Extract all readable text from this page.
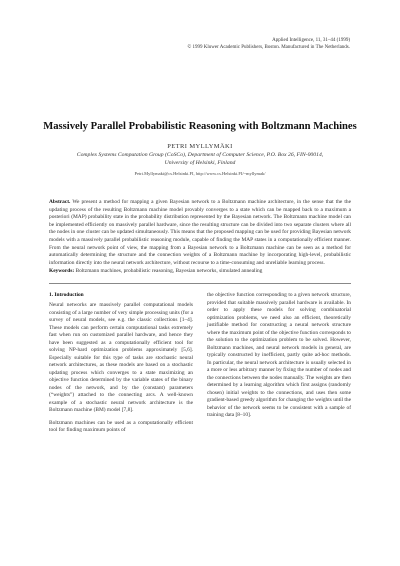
Applied Intelligence, 11, 31–44 (1999)
© 1999 Kluwer Academic Publishers, Boston. Manufactured in The Netherlands.
Massively Parallel Probabilistic Reasoning with Boltzmann Machines
PETRI MYLLYMÄKI
Complex Systems Computation Group (CoSCo), Department of Computer Science, P.O. Box 26, FIN-00014,
University of Helsinki, Finland
Petri.Myllymaki@cs.Helsinki.FI, http://www.cs.Helsinki.FI/~myllymak/
Abstract. We present a method for mapping a given Bayesian network to a Boltzmann machine architecture, in the sense that the the updating process of the resulting Boltzmann machine model provably converges to a state which can be mapped back to a maximum a posteriori (MAP) probability state in the probability distribution represented by the Bayesian network. The Boltzmann machine model can be implemented efficiently on massively parallel hardware, since the resulting structure can be divided into two separate clusters where all the nodes in one cluster can be updated simultaneously. This means that the proposed mapping can be used for providing Bayesian network models with a massively parallel probabilistic reasoning module, capable of finding the MAP states in a computationally efficient manner. From the neural network point of view, the mapping from a Bayesian network to a Boltzmann machine can be seen as a method for automatically determining the structure and the connection weights of a Boltzmann machine by incorporating high-level, probabilistic information directly into the neural network architecture, without recourse to a time-consuming and unreliable learning process.
Keywords: Boltzmann machines, probabilistic reasoning, Bayesian networks, simulated annealing
1. Introduction

Neural networks are massively parallel computational models consisting of a large number of very simple processing units (for a survey of neural models, see e.g. the classic collections [1–4]. These models can perform certain computational tasks extremely fast when run on customized parallel hardware, and hence they have been suggested as a computationally efficient tool for solving NP-hard optimization problems approximately [5,6]. Especially suitable for this type of tasks are stochastic neural network architectures, as these models are based on a stochastic updating process which converges to a state maximizing an objective function determined by the variable states of the binary nodes of the network, and by the (constant) parameters (“weights”) attached to the connecting arcs. A well-known example of a stochastic neural network architecture is the Boltzmann machine (BM) model [7,8].

Boltzmann machines can be used as a computationally efficient tool for finding maximum points of

the objective function corresponding to a given network structure, provided that suitable massively parallel hardware is available. In order to apply these models for solving combinatorial optimization problems, we need also an efficient, theoretically justifiable method for constructing a neural network structure where the maximum point of the objective function corresponds to the solution to the optimization problem to be solved. However, Boltzmann machines, and neural network models in general, are typically constructed by inefficient, partly quite ad-hoc methods. In particular, the neural network architecture is usually selected in a more or less arbitrary manner by fixing the number of nodes and the connections between the nodes manually. The weights are then determined by a learning algorithm which first assigns (randomly chosen) initial weights to the connections, and uses then some gradient-based greedy algorithm for changing the weights until the behavior of the network seems to be consistent with a sample of training data [8–10].
